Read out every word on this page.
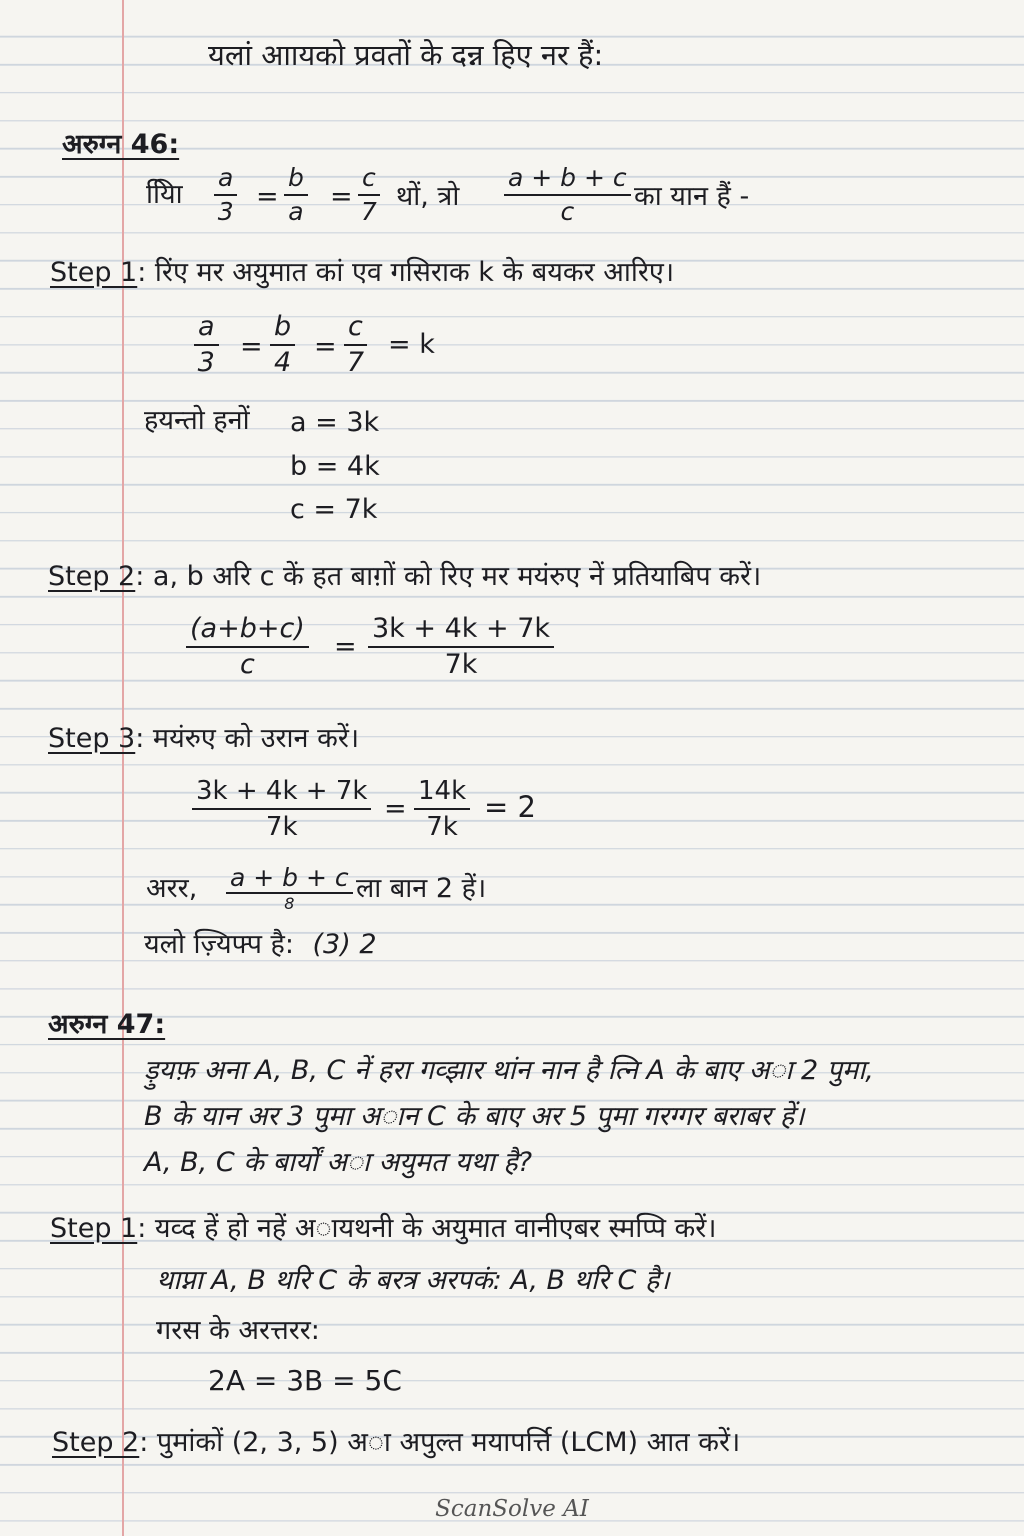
यलां आायको प्रवतों के दन्न हिए नर हैं:
अरुग्न 46:
यिाि $\frac{a}{3} = \frac{b}{a} = \frac{c}{7}$ थों, त्रो $\frac{a + b + c}{c}$ का यान हैं -
Step 1: रिंए मर अयुमात कां एव गसिराक k के बयकर आरिए।
$\frac{a}{3} = \frac{b}{4} = \frac{c}{7} = k$
हयन्तो हनों a = 3k
b = 4k
c = 7k
Step 2: a, b अरि c कें हत बाग़ों को रिए मर मयंरुए नें प्रतियाबिप करें।
$\frac{(a+b+c)}{c} = \frac{3k + 4k + 7k}{7k}$
Step 3: मयंरुए को उरान करें।
$\frac{3k + 4k + 7k}{7k} = \frac{14k}{7k} = 2$
अरर, a + b + c
8 ला बान 2 हें।
यलो ज़्यिफ्प है: (3) 2
अरुग्न 47:
ड़ुयफ़ अना A, B, C नें हरा गव्झार थांन नान है त्नि A के बाए अा 2 पुमा,
B के यान अर 3 पुमा अान C के बाए अर 5 पुमा गरग्गर बराबर हें।
A, B, C के बार्यों अा अयुमत यथा है?
Step 1: यव्द हें हो नहें अायथनी के अयुमात वानीएबर स्मप्पि करें।
थाप्ना A, B थरि C के बरत्र अरपकं: A, B थरि C है।
गरस के अरत्तरर:
2A = 3B = 5C
Step 2: पुमांकों (2, 3, 5) अा अपुल्त मयापर्त्ति (LCM) आत करें।
ScanSolve AI
